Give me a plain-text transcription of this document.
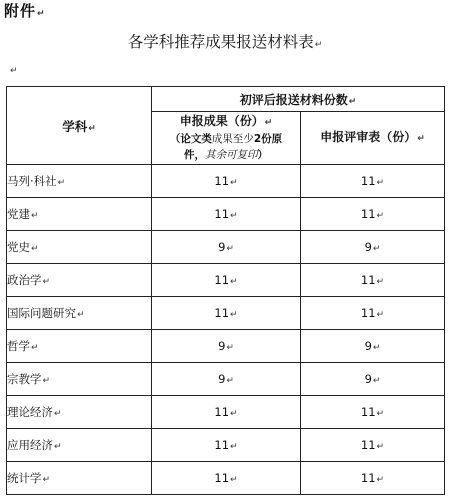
附件↵
各学科推荐成果报送材料表↵
↵
学科↵	初评后报送材料份数↵	
	申报成果（份）↵
（论文类成果至少2份原
件，其余可复印）	申报评审表（份）↵
马列·科社↵	11↵	11↵
党建↵	11↵	11↵
党史↵	9↵	9↵
政治学↵	11↵	11↵
国际问题研究↵	11↵	11↵
哲学↵	9↵	9↵
宗教学↵	9↵	9↵
理论经济↵	11↵	11↵
应用经济↵	11↵	11↵
统计学↵	11↵	11↵
